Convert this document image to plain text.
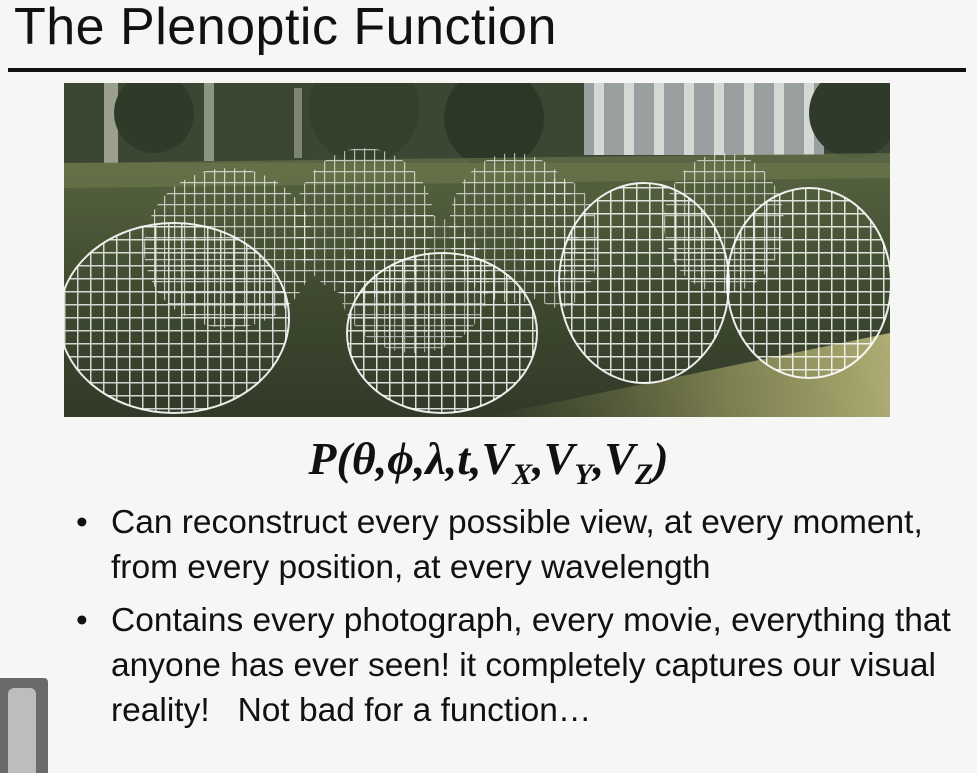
The Plenoptic Function
$P(\theta,\phi,\lambda,t,V_X,V_Y,V_Z)$
• Can reconstruct every possible view, at every moment, from every position, at every wavelength
• Contains every photograph, every movie, everything that anyone has ever seen! it completely captures our visual reality!   Not bad for a function…
